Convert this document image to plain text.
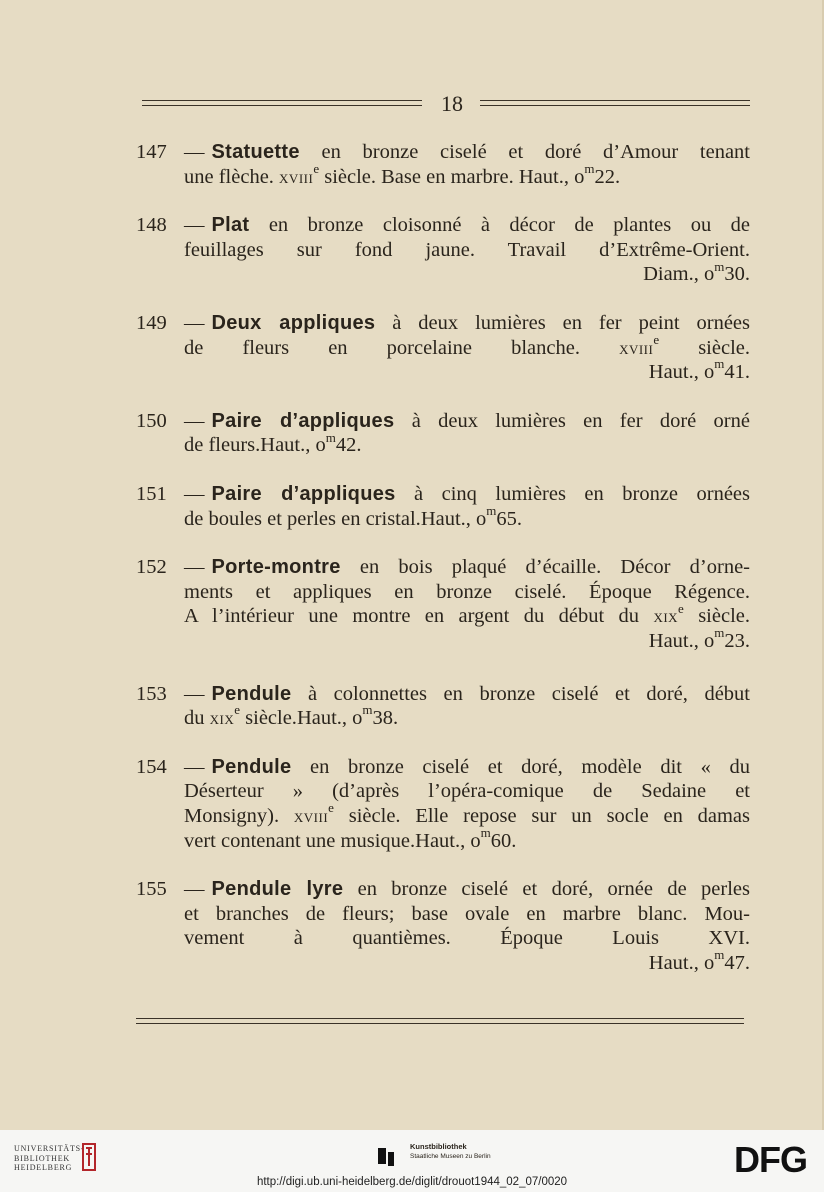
18
147 — Statuette en bronze ciselé et doré d’Amour tenant
une flèche. xviii$^e$ siècle. Base en marbre. Haut., $o^m22$.
148 — Plat en bronze cloisonné à décor de plantes ou de
feuillages sur fond jaune. Travail d’Extrême-Orient.
Diam., $o^m30$.
149 — Deux appliques à deux lumières en fer peint ornées
de fleurs en porcelaine blanche. xviii$^e$ siècle.
Haut., $o^m41$.
150 — Paire d’appliques à deux lumières en fer doré orné
de fleurs.Haut., $o^m42$.
151 — Paire d’appliques à cinq lumières en bronze ornées
de boules et perles en cristal.Haut., $o^m65$.
152 — Porte-montre en bois plaqué d’écaille. Décor d’orne-
ments et appliques en bronze ciselé. Époque Régence.
A l’intérieur une montre en argent du début du xix$^e$ siècle.
Haut., $o^m23$.
153 — Pendule à colonnettes en bronze ciselé et doré, début
du xix$^e$ siècle.Haut., $o^m38$.
154 — Pendule en bronze ciselé et doré, modèle dit « du
Déserteur » (d’après l’opéra-comique de Sedaine et
Monsigny). xviii$^e$ siècle. Elle repose sur un socle en damas
vert contenant une musique.Haut., $o^m60$.
155 — Pendule lyre en bronze ciselé et doré, ornée de perles
et branches de fleurs; base ovale en marbre blanc. Mou-
vement à quantièmes. Époque Louis XVI.
Haut., $o^m47$.
UNIVERSITÄTS-
BIBLIOTHEK
HEIDELBERG
Kunstbibliothek
Staatliche Museen zu Berlin	DFG
http://digi.ub.uni-heidelberg.de/diglit/drouot1944_02_07/0020
